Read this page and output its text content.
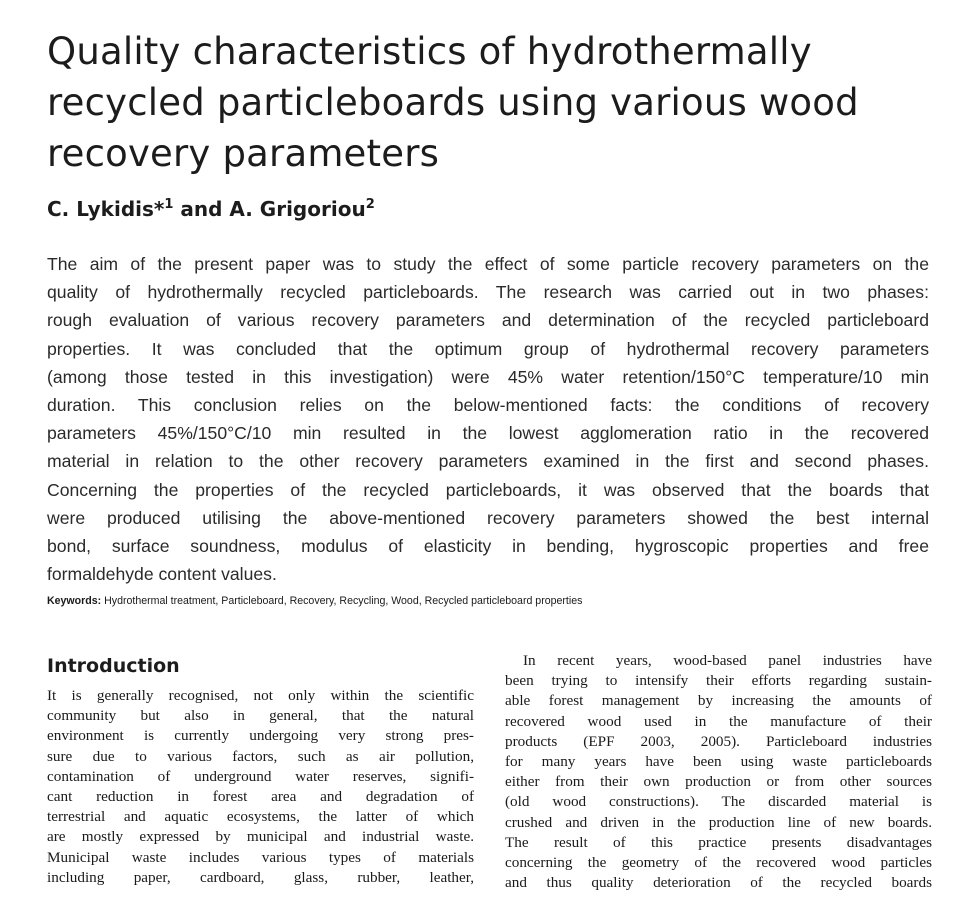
Quality characteristics of hydrothermally
recycled particleboards using various wood
recovery parameters
C. Lykidis*$^1$ and A. Grigoriou$^2$
The aim of the present paper was to study the effect of some particle recovery parameters on the
quality of hydrothermally recycled particleboards. The research was carried out in two phases:
rough evaluation of various recovery parameters and determination of the recycled particleboard
properties. It was concluded that the optimum group of hydrothermal recovery parameters
(among those tested in this investigation) were 45% water retention/150°C temperature/10 min
duration. This conclusion relies on the below-mentioned facts: the conditions of recovery
parameters 45%/150°C/10 min resulted in the lowest agglomeration ratio in the recovered
material in relation to the other recovery parameters examined in the first and second phases.
Concerning the properties of the recycled particleboards, it was observed that the boards that
were produced utilising the above-mentioned recovery parameters showed the best internal
bond, surface soundness, modulus of elasticity in bending, hygroscopic properties and free
formaldehyde content values.
Keywords: Hydrothermal treatment, Particleboard, Recovery, Recycling, Wood, Recycled particleboard properties
Introduction
It is generally recognised, not only within the scientific
community but also in general, that the natural
environment is currently undergoing very strong pres-
sure due to various factors, such as air pollution,
contamination of underground water reserves, signifi-
cant reduction in forest area and degradation of
terrestrial and aquatic ecosystems, the latter of which
are mostly expressed by municipal and industrial waste.
Municipal waste includes various types of materials
including paper, cardboard, glass, rubber, leather,
In recent years, wood-based panel industries have
been trying to intensify their efforts regarding sustain-
able forest management by increasing the amounts of
recovered wood used in the manufacture of their
products (EPF 2003, 2005). Particleboard industries
for many years have been using waste particleboards
either from their own production or from other sources
(old wood constructions). The discarded material is
crushed and driven in the production line of new boards.
The result of this practice presents disadvantages
concerning the geometry of the recovered wood particles
and thus quality deterioration of the recycled boards
